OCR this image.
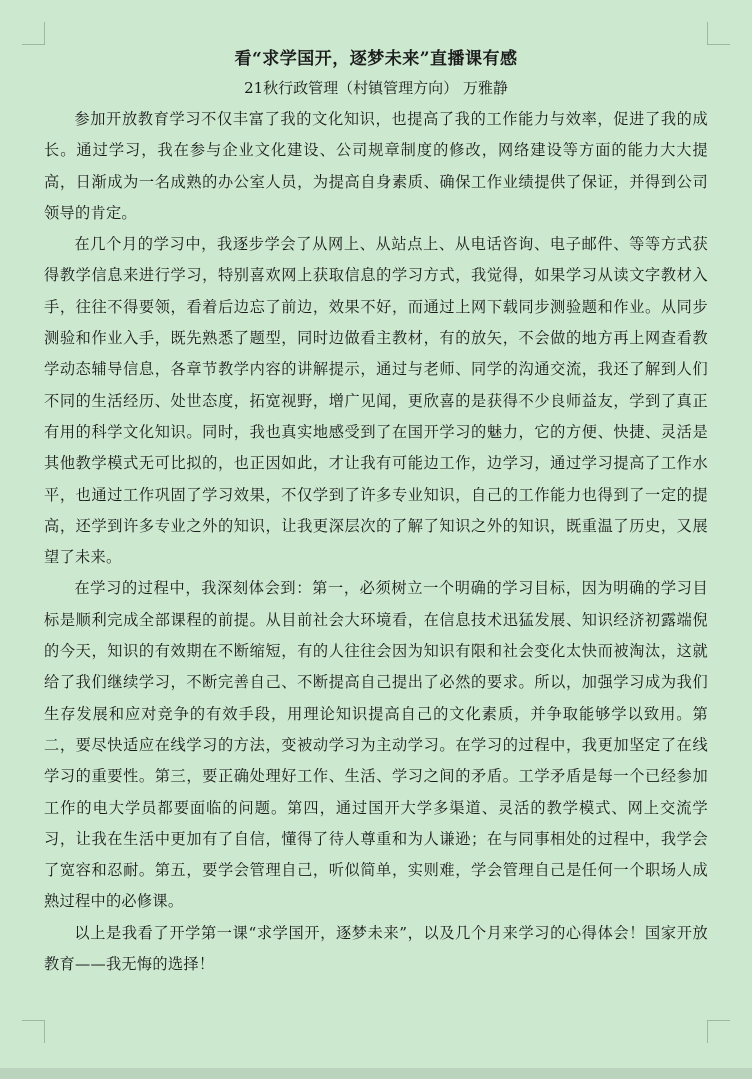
看“求学国开，逐梦未来”直播课有感

21秋行政管理（村镇管理方向） 万雅静

参加开放教育学习不仅丰富了我的文化知识，也提高了我的工作能力与效率，促进了我的成长。通过学习，我在参与企业文化建设、公司规章制度的修改，网络建设等方面的能力大大提高，日渐成为一名成熟的办公室人员，为提高自身素质、确保工作业绩提供了保证，并得到公司领导的肯定。

在几个月的学习中，我逐步学会了从网上、从站点上、从电话咨询、电子邮件、等等方式获得教学信息来进行学习，特别喜欢网上获取信息的学习方式，我觉得，如果学习从读文字教材入手，往往不得要领，看着后边忘了前边，效果不好，而通过上网下载同步测验题和作业。从同步测验和作业入手，既先熟悉了题型，同时边做看主教材，有的放矢，不会做的地方再上网查看教学动态辅导信息，各章节教学内容的讲解提示，通过与老师、同学的沟通交流，我还了解到人们不同的生活经历、处世态度，拓宽视野，增广见闻，更欣喜的是获得不少良师益友，学到了真正有用的科学文化知识。同时，我也真实地感受到了在国开学习的魅力，它的方便、快捷、灵活是其他教学模式无可比拟的，也正因如此，才让我有可能边工作，边学习，通过学习提高了工作水平，也通过工作巩固了学习效果，不仅学到了许多专业知识，自己的工作能力也得到了一定的提高，还学到许多专业之外的知识，让我更深层次的了解了知识之外的知识，既重温了历史，又展望了未来。

在学习的过程中，我深刻体会到：第一，必须树立一个明确的学习目标，因为明确的学习目标是顺利完成全部课程的前提。从目前社会大环境看，在信息技术迅猛发展、知识经济初露端倪的今天，知识的有效期在不断缩短，有的人往往会因为知识有限和社会变化太快而被淘汰，这就给了我们继续学习，不断完善自己、不断提高自己提出了必然的要求。所以，加强学习成为我们生存发展和应对竞争的有效手段，用理论知识提高自己的文化素质，并争取能够学以致用。第二，要尽快适应在线学习的方法，变被动学习为主动学习。在学习的过程中，我更加坚定了在线学习的重要性。第三，要正确处理好工作、生活、学习之间的矛盾。工学矛盾是每一个已经参加工作的电大学员都要面临的问题。第四，通过国开大学多渠道、灵活的教学模式、网上交流学习，让我在生活中更加有了自信，懂得了待人尊重和为人谦逊；在与同事相处的过程中，我学会了宽容和忍耐。第五，要学会管理自己，听似简单，实则难，学会管理自己是任何一个职场人成熟过程中的必修课。

以上是我看了开学第一课“求学国开，逐梦未来”，以及几个月来学习的心得体会！国家开放教育——我无悔的选择！
